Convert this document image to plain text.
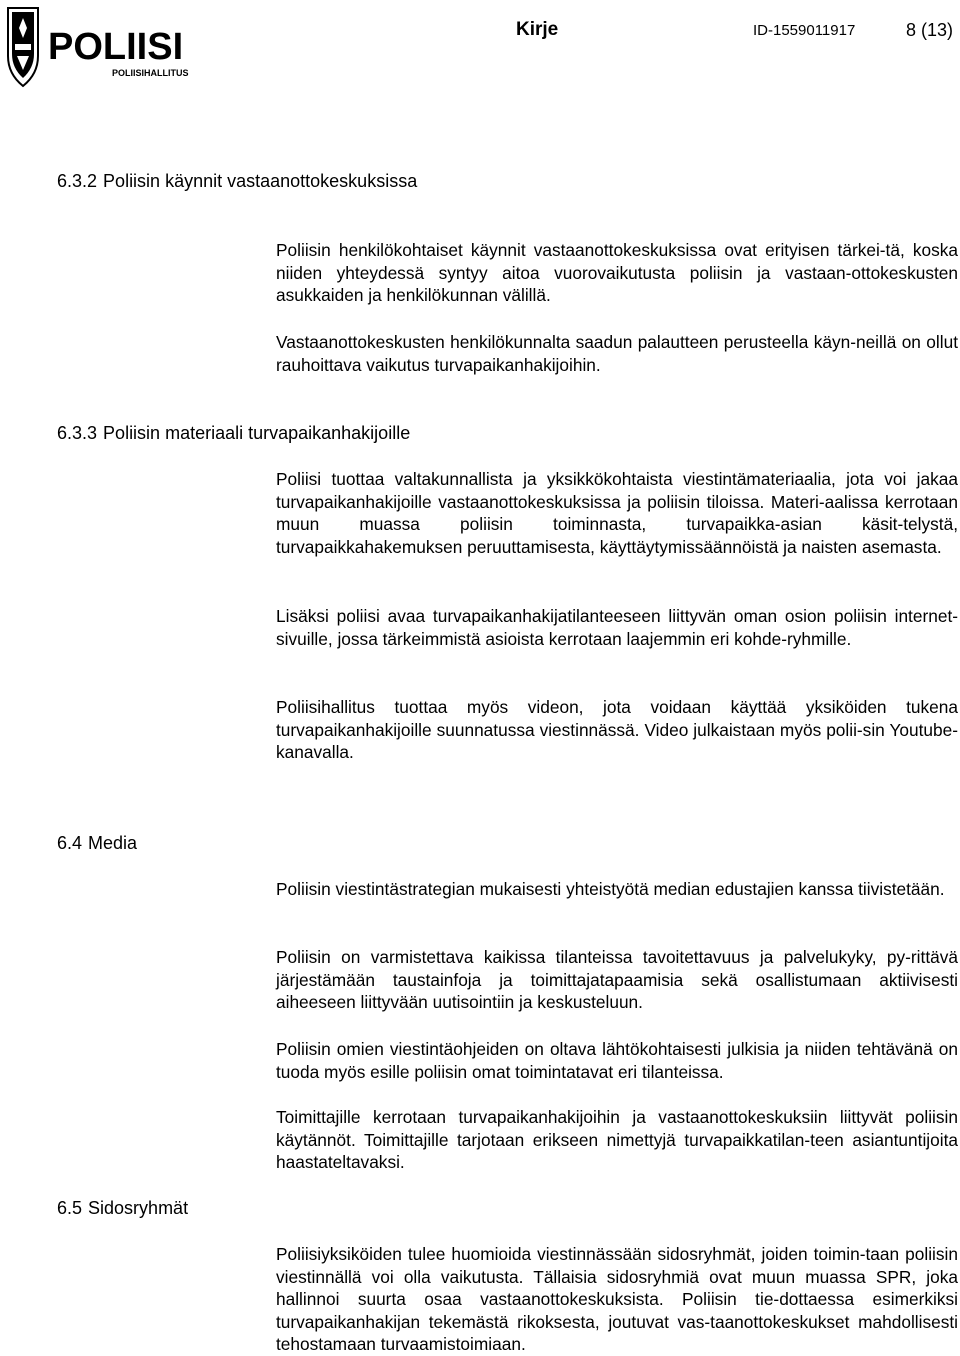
POLIISI
POLIISIHALLITUS
Kirje	ID-1559011917	8 (13)
6.3.2 Poliisin käynnit vastaanottokeskuksissa

Poliisin henkilökohtaiset käynnit vastaanottokeskuksissa ovat erityisen tärkei-tä, koska niiden yhteydessä syntyy aitoa vuorovaikutusta poliisin ja vastaan-ottokeskusten asukkaiden ja henkilökunnan välillä.

Vastaanottokeskusten henkilökunnalta saadun palautteen perusteella käyn-neillä on ollut rauhoittava vaikutus turvapaikanhakijoihin.

6.3.3 Poliisin materiaali turvapaikanhakijoille

Poliisi tuottaa valtakunnallista ja yksikkökohtaista viestintämateriaalia, jota voi jakaa turvapaikanhakijoille vastaanottokeskuksissa ja poliisin tiloissa. Materi-aalissa kerrotaan muun muassa poliisin toiminnasta, turvapaikka-asian käsit-telystä, turvapaikkahakemuksen peruuttamisesta, käyttäytymissäännöistä ja naisten asemasta.

Lisäksi poliisi avaa turvapaikanhakijatilanteeseen liittyvän oman osion poliisin internet-sivuille, jossa tärkeimmistä asioista kerrotaan laajemmin eri kohde-ryhmille.

Poliisihallitus tuottaa myös videon, jota voidaan käyttää yksiköiden tukena turvapaikanhakijoille suunnatussa viestinnässä. Video julkaistaan myös polii-sin Youtube-kanavalla.

6.4 Media

Poliisin viestintästrategian mukaisesti yhteistyötä median edustajien kanssa tiivistetään.

Poliisin on varmistettava kaikissa tilanteissa tavoitettavuus ja palvelukyky, py-rittävä järjestämään taustainfoja ja toimittajatapaamisia sekä osallistumaan aktiivisesti aiheeseen liittyvään uutisointiin ja keskusteluun.

Poliisin omien viestintäohjeiden on oltava lähtökohtaisesti julkisia ja niiden tehtävänä on tuoda myös esille poliisin omat toimintatavat eri tilanteissa.

Toimittajille kerrotaan turvapaikanhakijoihin ja vastaanottokeskuksiin liittyvät poliisin käytännöt. Toimittajille tarjotaan erikseen nimettyjä turvapaikkatilan-teen asiantuntijoita haastateltavaksi.

6.5 Sidosryhmät

Poliisiyksiköiden tulee huomioida viestinnässään sidosryhmät, joiden toimin-taan poliisin viestinnällä voi olla vaikutusta. Tällaisia sidosryhmiä ovat muun muassa SPR, joka hallinnoi suurta osaa vastaanottokeskuksista. Poliisin tie-dottaessa esimerkiksi turvapaikanhakijan tekemästä rikoksesta, joutuvat vas-taanottokeskukset mahdollisesti tehostamaan turvaamistoimiaan.
